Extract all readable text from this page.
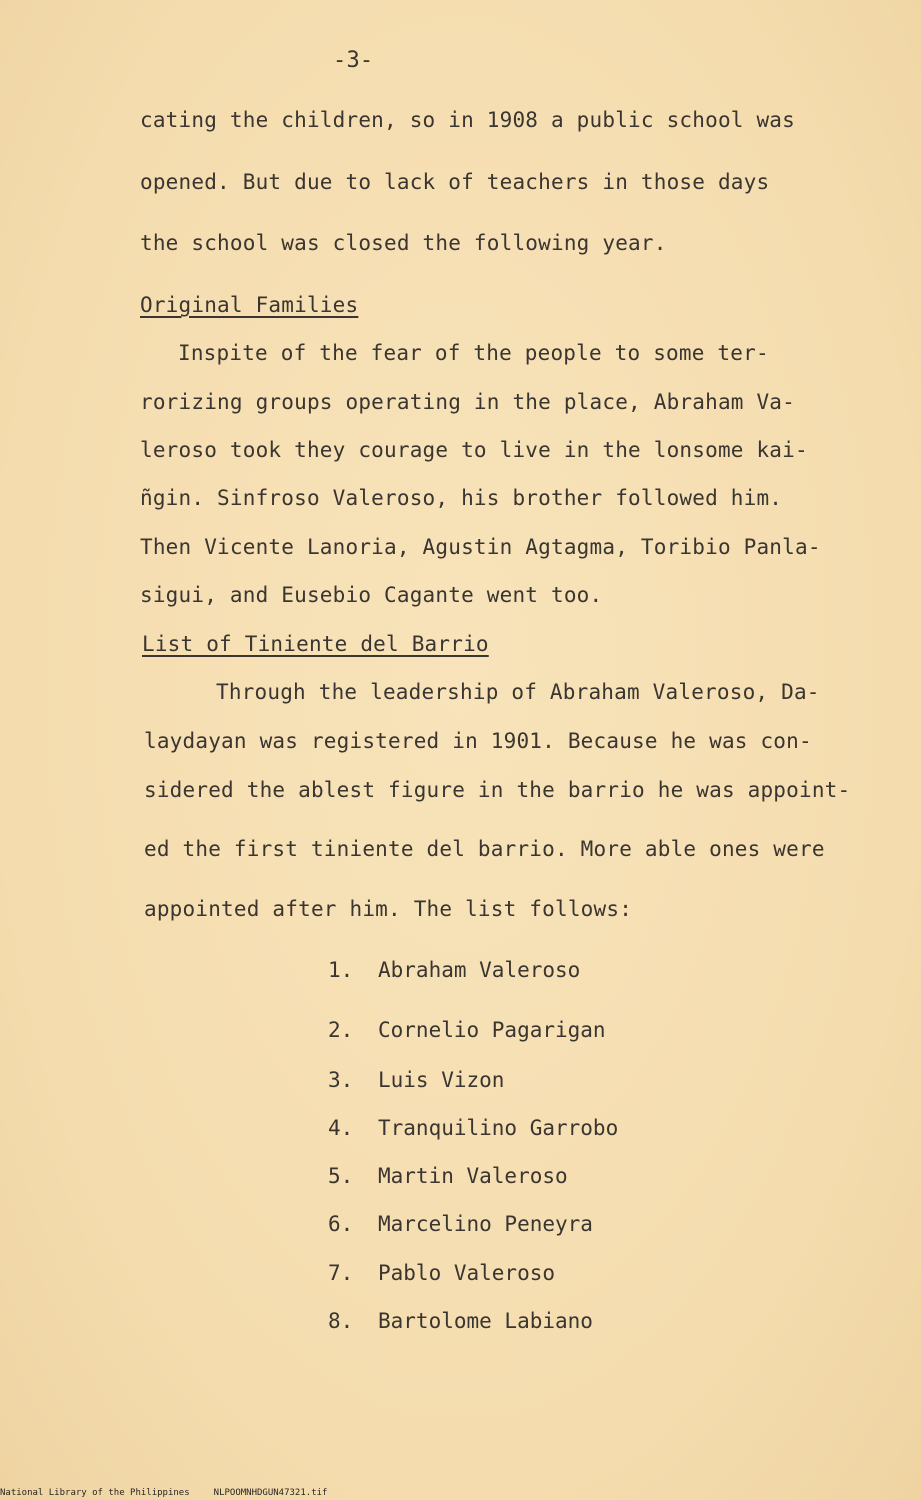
-3-
cating the children, so in 1908 a public school was
opened. But due to lack of teachers in those days
the school was closed the following year.
Original Families
Inspite of the fear of the people to some ter-
rorizing groups operating in the place, Abraham Va-
leroso took they courage to live in the lonsome kai-
ñgin. Sinfroso Valeroso, his brother followed him.
Then Vicente Lanoria, Agustin Agtagma, Toribio Panla-
sigui, and Eusebio Cagante went too.
List of Tiniente del Barrio
Through the leadership of Abraham Valeroso, Da-
laydayan was registered in 1901. Because he was con-
sidered the ablest figure in the barrio he was appoint-
ed the first tiniente del barrio. More able ones were
appointed after him. The list follows:
1. Abraham Valeroso
2. Cornelio Pagarigan
3. Luis Vizon
4. Tranquilino Garrobo
5. Martin Valeroso
6. Marcelino Peneyra
7. Pablo Valeroso
8. Bartolome Labiano
National Library of the Philippines	NLPOOMNHDGUN47321.tif
